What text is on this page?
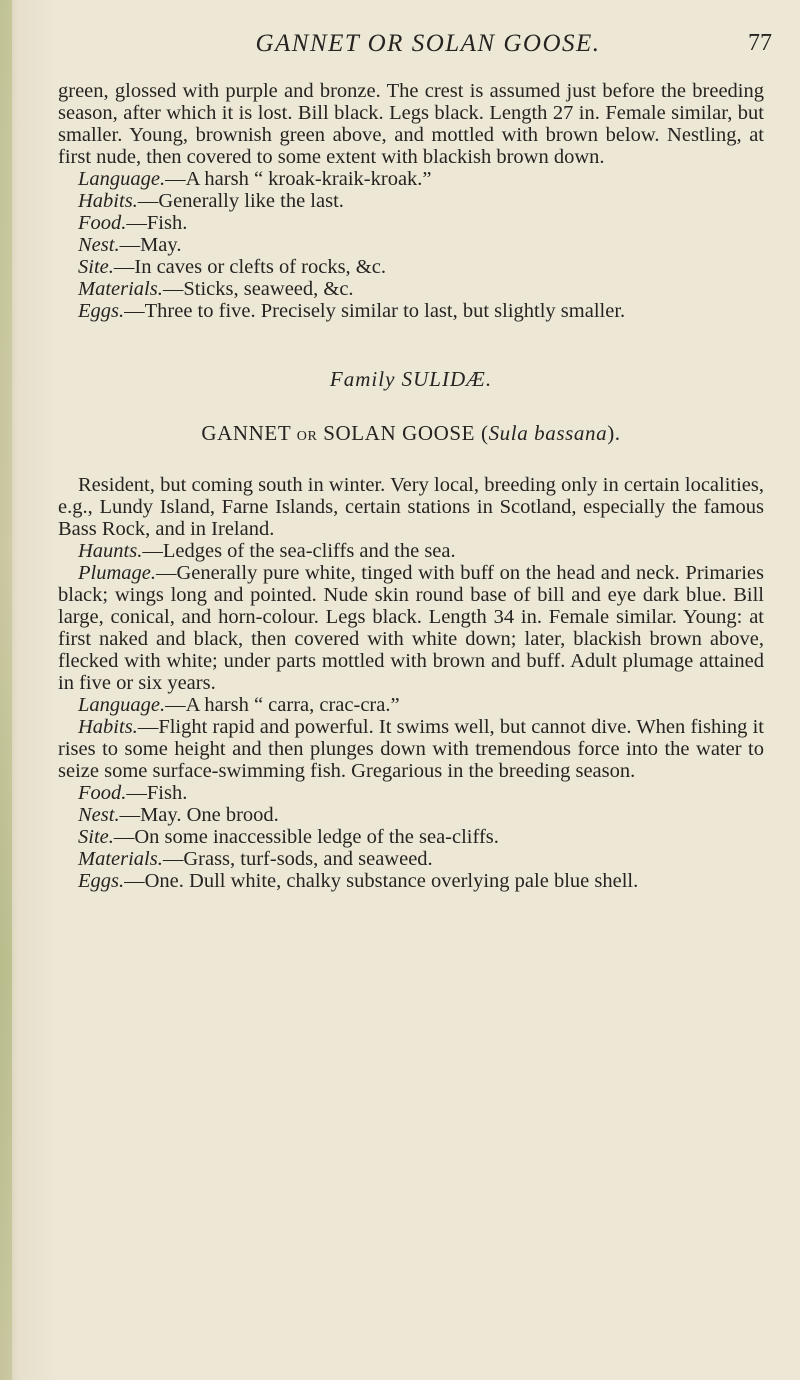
GANNET OR SOLAN GOOSE.	77

green, glossed with purple and bronze. The crest is assumed just before the breeding season, after which it is lost. Bill black. Legs black. Length 27 in. Female similar, but smaller. Young, brownish green above, and mottled with brown below. Nestling, at first nude, then covered to some extent with blackish brown down.

Language.—A harsh “ kroak-kraik-kroak.”

Habits.—Generally like the last.

Food.—Fish.

Nest.—May.

Site.—In caves or clefts of rocks, &c.

Materials.—Sticks, seaweed, &c.

Eggs.—Three to five. Precisely similar to last, but slightly smaller.

Family SULIDÆ.
GANNET OR SOLAN GOOSE (Sula bassana).

Resident, but coming south in winter. Very local, breeding only in certain localities, e.g., Lundy Island, Farne Islands, certain stations in Scotland, especially the famous Bass Rock, and in Ireland.

Haunts.—Ledges of the sea-cliffs and the sea.

Plumage.—Generally pure white, tinged with buff on the head and neck. Primaries black; wings long and pointed. Nude skin round base of bill and eye dark blue. Bill large, conical, and horn-colour. Legs black. Length 34 in. Female similar. Young: at first naked and black, then covered with white down; later, blackish brown above, flecked with white; under parts mottled with brown and buff. Adult plumage attained in five or six years.

Language.—A harsh “ carra, crac-cra.”

Habits.—Flight rapid and powerful. It swims well, but cannot dive. When fishing it rises to some height and then plunges down with tremendous force into the water to seize some surface-swimming fish. Gregarious in the breeding season.

Food.—Fish.

Nest.—May. One brood.

Site.—On some inaccessible ledge of the sea-cliffs.

Materials.—Grass, turf-sods, and seaweed.

Eggs.—One. Dull white, chalky substance overlying pale blue shell.
